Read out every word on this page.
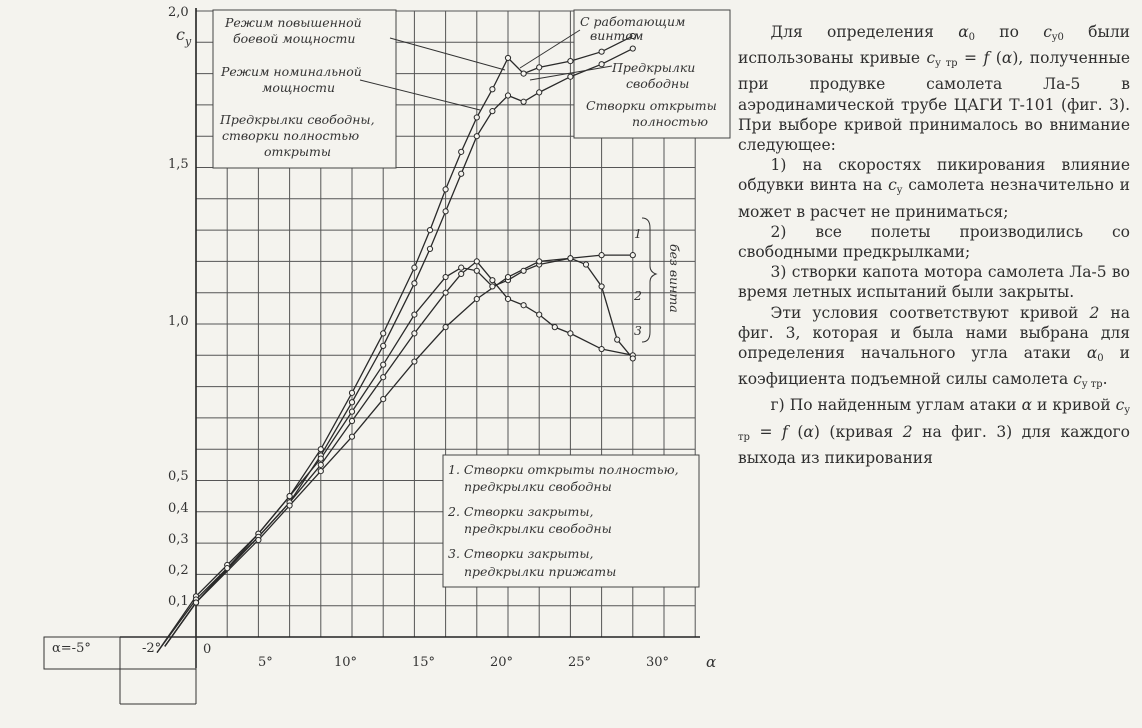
α=-5°	-2°
$c_y$
α
2,0
1,5
1,0
0,5
0,4
0,3
0,2
0,1
0
5°	10°	15°	20°	25°	30°
Режим повышенной
боевой мощности
Режим номинальной
мощности
Предкрылки свободны,
створки полностью
открыты
С работающим
винтом
Предкрылки
свободны
Створки открыты
полностью
без винта
1
2
3
1. Створки открыты полностью,
предкрылки свободны
2. Створки закрыты,
предкрылки свободны
3. Створки закрыты,
предкрылки прижаты

Для определения $\alpha_0$ по $c_{y0}$ были использованы кривые $c_{y тр} = f$ (α), полученные при продувке самолета Ла-5 в аэродинамической трубе ЦАГИ Т-101 (фиг. 3). При выборе кривой принималось во внимание следующее:

1) на скоростях пикирования влияние обдувки винта на $c_y$ самолета незначительно и может в расчет не приниматься;

2) все полеты производились со свободными предкрылками;

3) створки капота мотора самолета Ла-5 во время летных испытаний были закрыты.

Эти условия соответствуют кривой 2 на фиг. 3, которая и была нами выбрана для определения начального угла атаки $\alpha_0$ и коэфициента подъемной силы самолета $c_{y тр}$.

г) По найденным углам атаки α и кривой $c_{y тр} = f$ (α) (кривая 2 на фиг. 3) для каждого выхода из пикирования
